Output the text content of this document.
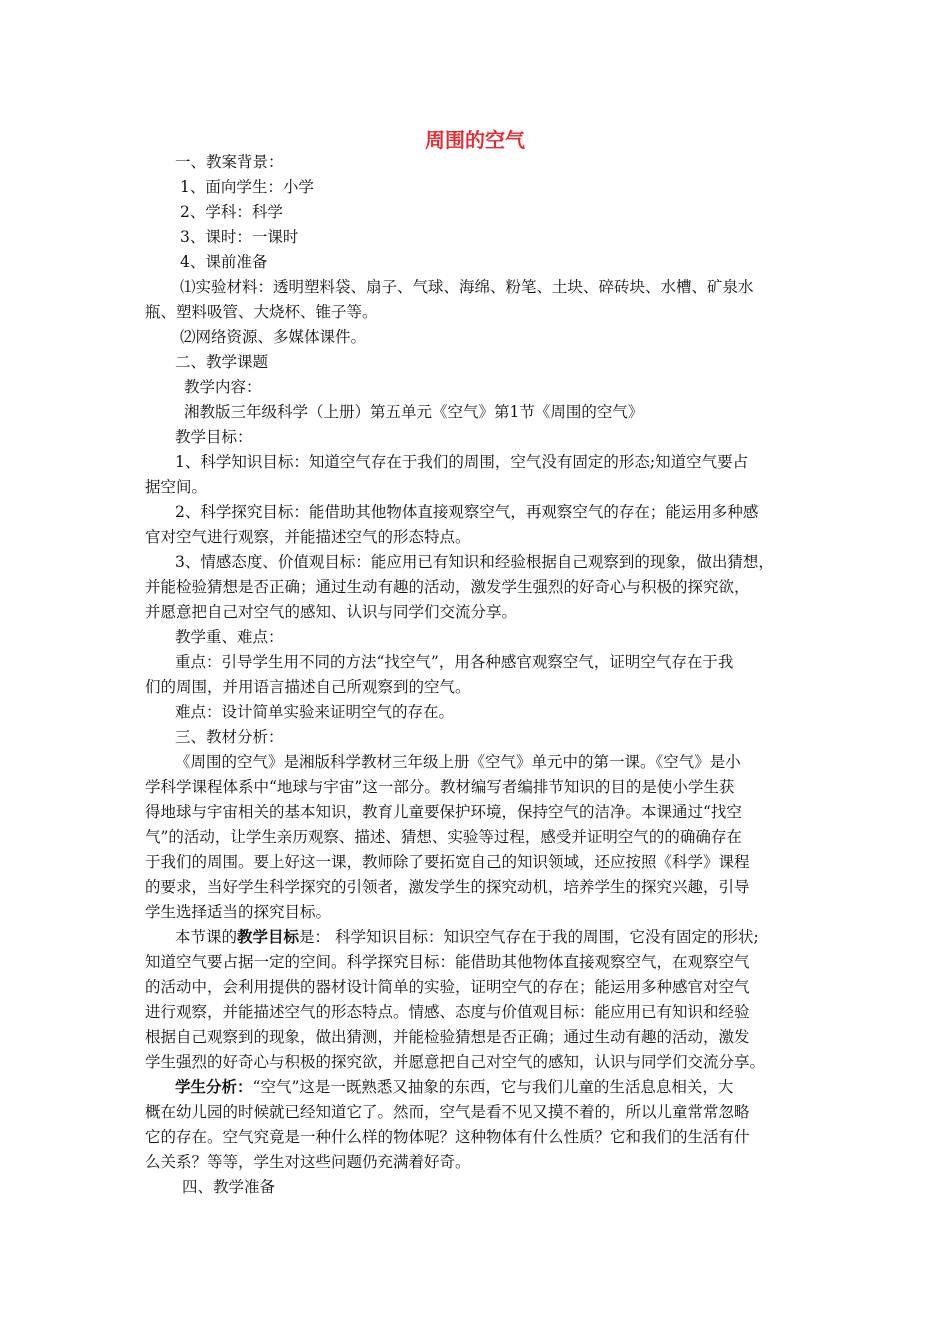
周围的空气
一、教案背景：
1、面向学生：小学
2、学科：科学
3、课时：一课时
4、课前准备
⑴实验材料：透明塑料袋、扇子、气球、海绵、粉笔、土块、碎砖块、水槽、矿泉水
瓶、塑料吸管、大烧杯、锥子等。
⑵网络资源、多媒体课件。
二、教学课题
教学内容：
湘教版三年级科学（上册）第五单元《空气》第1节《周围的空气》
教学目标：
1、科学知识目标：知道空气存在于我们的周围，空气没有固定的形态;知道空气要占
据空间。
2、科学探究目标：能借助其他物体直接观察空气，再观察空气的存在；能运用多种感
官对空气进行观察，并能描述空气的形态特点。
3、情感态度、价值观目标：能应用已有知识和经验根据自己观察到的现象，做出猜想，
并能检验猜想是否正确；通过生动有趣的活动，激发学生强烈的好奇心与积极的探究欲，
并愿意把自己对空气的感知、认识与同学们交流分享。
教学重、难点：
重点：引导学生用不同的方法“找空气”，用各种感官观察空气，证明空气存在于我
们的周围，并用语言描述自己所观察到的空气。
难点：设计简单实验来证明空气的存在。
三、教材分析：
《周围的空气》是湘版科学教材三年级上册《空气》单元中的第一课。《空气》是小
学科学课程体系中“地球与宇宙”这一部分。教材编写者编排节知识的目的是使小学生获
得地球与宇宙相关的基本知识，教育儿童要保护环境，保持空气的洁净。本课通过“找空
气”的活动，让学生亲历观察、描述、猜想、实验等过程，感受并证明空气的的确确存在
于我们的周围。要上好这一课，教师除了要拓宽自己的知识领域，还应按照《科学》课程
的要求，当好学生科学探究的引领者，激发学生的探究动机，培养学生的探究兴趣，引导
学生选择适当的探究目标。
本节课的教学目标是： 科学知识目标：知识空气存在于我的周围，它没有固定的形状;
知道空气要占据一定的空间。科学探究目标：能借助其他物体直接观察空气，在观察空气
的活动中，会利用提供的器材设计简单的实验，证明空气的存在；能运用多种感官对空气
进行观察，并能描述空气的形态特点。情感、态度与价值观目标：能应用已有知识和经验
根据自己观察到的现象，做出猜测，并能检验猜想是否正确；通过生动有趣的活动，激发
学生强烈的好奇心与积极的探究欲，并愿意把自己对空气的感知，认识与同学们交流分享。
学生分析：“空气”这是一既熟悉又抽象的东西，它与我们儿童的生活息息相关，大
概在幼儿园的时候就已经知道它了。然而，空气是看不见又摸不着的，所以儿童常常忽略
它的存在。空气究竟是一种什么样的物体呢？这种物体有什么性质？它和我们的生活有什
么关系？等等，学生对这些问题仍充满着好奇。
四、教学准备
